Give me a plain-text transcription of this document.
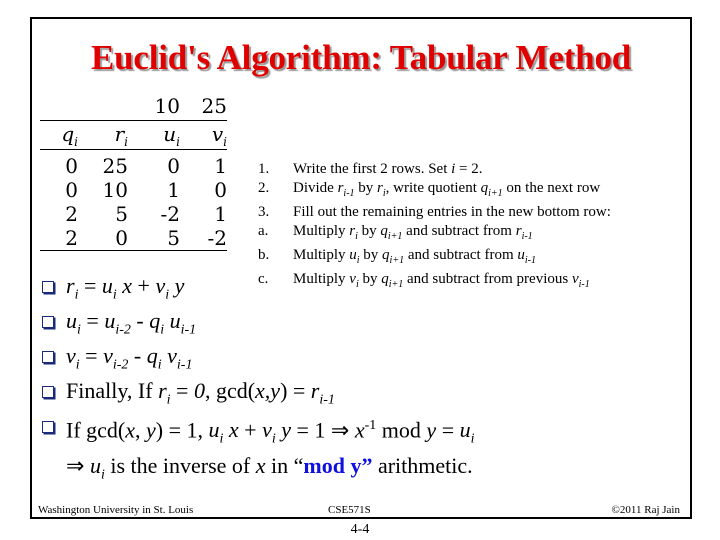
Euclid's Algorithm: Tabular Method
		10	25
$q_i$	$r_i$	$u_i$	$v_i$
0	25	0	1
0	10	1	0
2	5	-2	1
2	0	5	-2
1.	Write the first 2 rows. Set i = 2.
2.	Divide $r_{i-1}$ by $r_i$, write quotient $q_{i+1}$ on the next row
3.	Fill out the remaining entries in the new bottom row:
a.	Multiply $r_i$ by $q_{i+1}$ and subtract from $r_{i-1}$
b.	Multiply $u_i$ by $q_{i+1}$ and subtract from $u_{i-1}$
c.	Multiply $v_i$ by $q_{i+1}$ and subtract from previous $v_{i-1}$
$r_i = u_i$ $x + v_i$ y
$u_i = u_{i-2} - q_i$ $u_{i-1}$
$v_i = v_{i-2} - q_i$ $v_{i-1}$
Finally, If $r_i = 0$, $\gcd(x,y) = r_{i-1}$
If gcd(x, y) = 1, $u_i$ $x + v_i$ y = 1 ⇒ $x^{-1}$ mod $y = u_i$
⇒ $u_i$ is the inverse of x in “mod y” arithmetic.
Washington University in St. Louis	CSE571S	©2011 Raj Jain
4-4
